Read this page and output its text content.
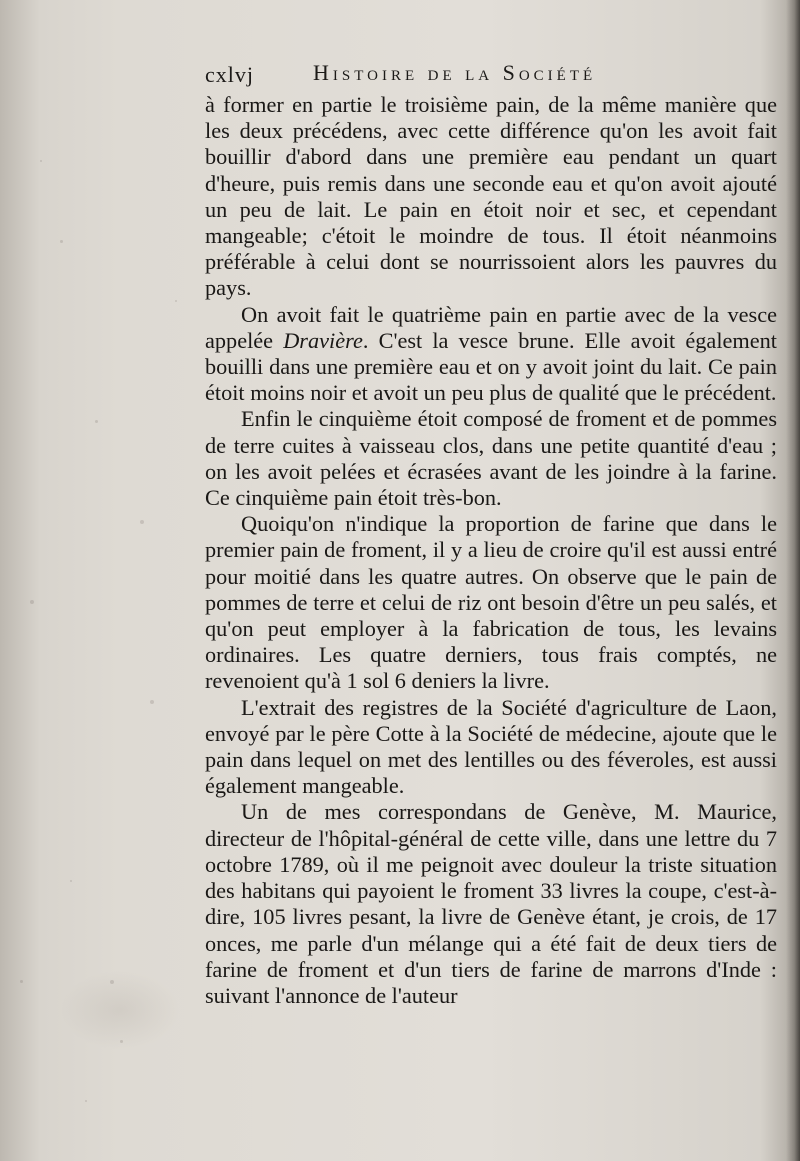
cxlvj	Histoire de la Société

à former en partie le troisième pain, de la même manière que les deux précédens, avec cette différence qu'on les avoit fait bouillir d'abord dans une première eau pendant un quart d'heure, puis remis dans une seconde eau et qu'on avoit ajouté un peu de lait. Le pain en étoit noir et sec, et cependant mangeable; c'étoit le moindre de tous. Il étoit néanmoins préférable à celui dont se nourrissoient alors les pauvres du pays.

On avoit fait le quatrième pain en partie avec de la vesce appelée Dravière. C'est la vesce brune. Elle avoit également bouilli dans une première eau et on y avoit joint du lait. Ce pain étoit moins noir et avoit un peu plus de qualité que le précédent.

Enfin le cinquième étoit composé de froment et de pommes de terre cuites à vaisseau clos, dans une petite quantité d'eau ; on les avoit pelées et écrasées avant de les joindre à la farine. Ce cinquième pain étoit très-bon.

Quoiqu'on n'indique la proportion de farine que dans le premier pain de froment, il y a lieu de croire qu'il est aussi entré pour moitié dans les quatre autres. On observe que le pain de pommes de terre et celui de riz ont besoin d'être un peu salés, et qu'on peut employer à la fabrication de tous, les levains ordinaires. Les quatre derniers, tous frais comptés, ne revenoient qu'à 1 sol 6 deniers la livre.

L'extrait des registres de la Société d'agriculture de Laon, envoyé par le père Cotte à la Société de médecine, ajoute que le pain dans lequel on met des lentilles ou des féveroles, est aussi également mangeable.

Un de mes correspondans de Genève, M. Maurice, directeur de l'hôpital-général de cette ville, dans une lettre du 7 octobre 1789, où il me peignoit avec douleur la triste situation des habitans qui payoient le froment 33 livres la coupe, c'est-à-dire, 105 livres pesant, la livre de Genève étant, je crois, de 17 onces, me parle d'un mélange qui a été fait de deux tiers de farine de froment et d'un tiers de farine de marrons d'Inde : suivant l'annonce de l'auteur
